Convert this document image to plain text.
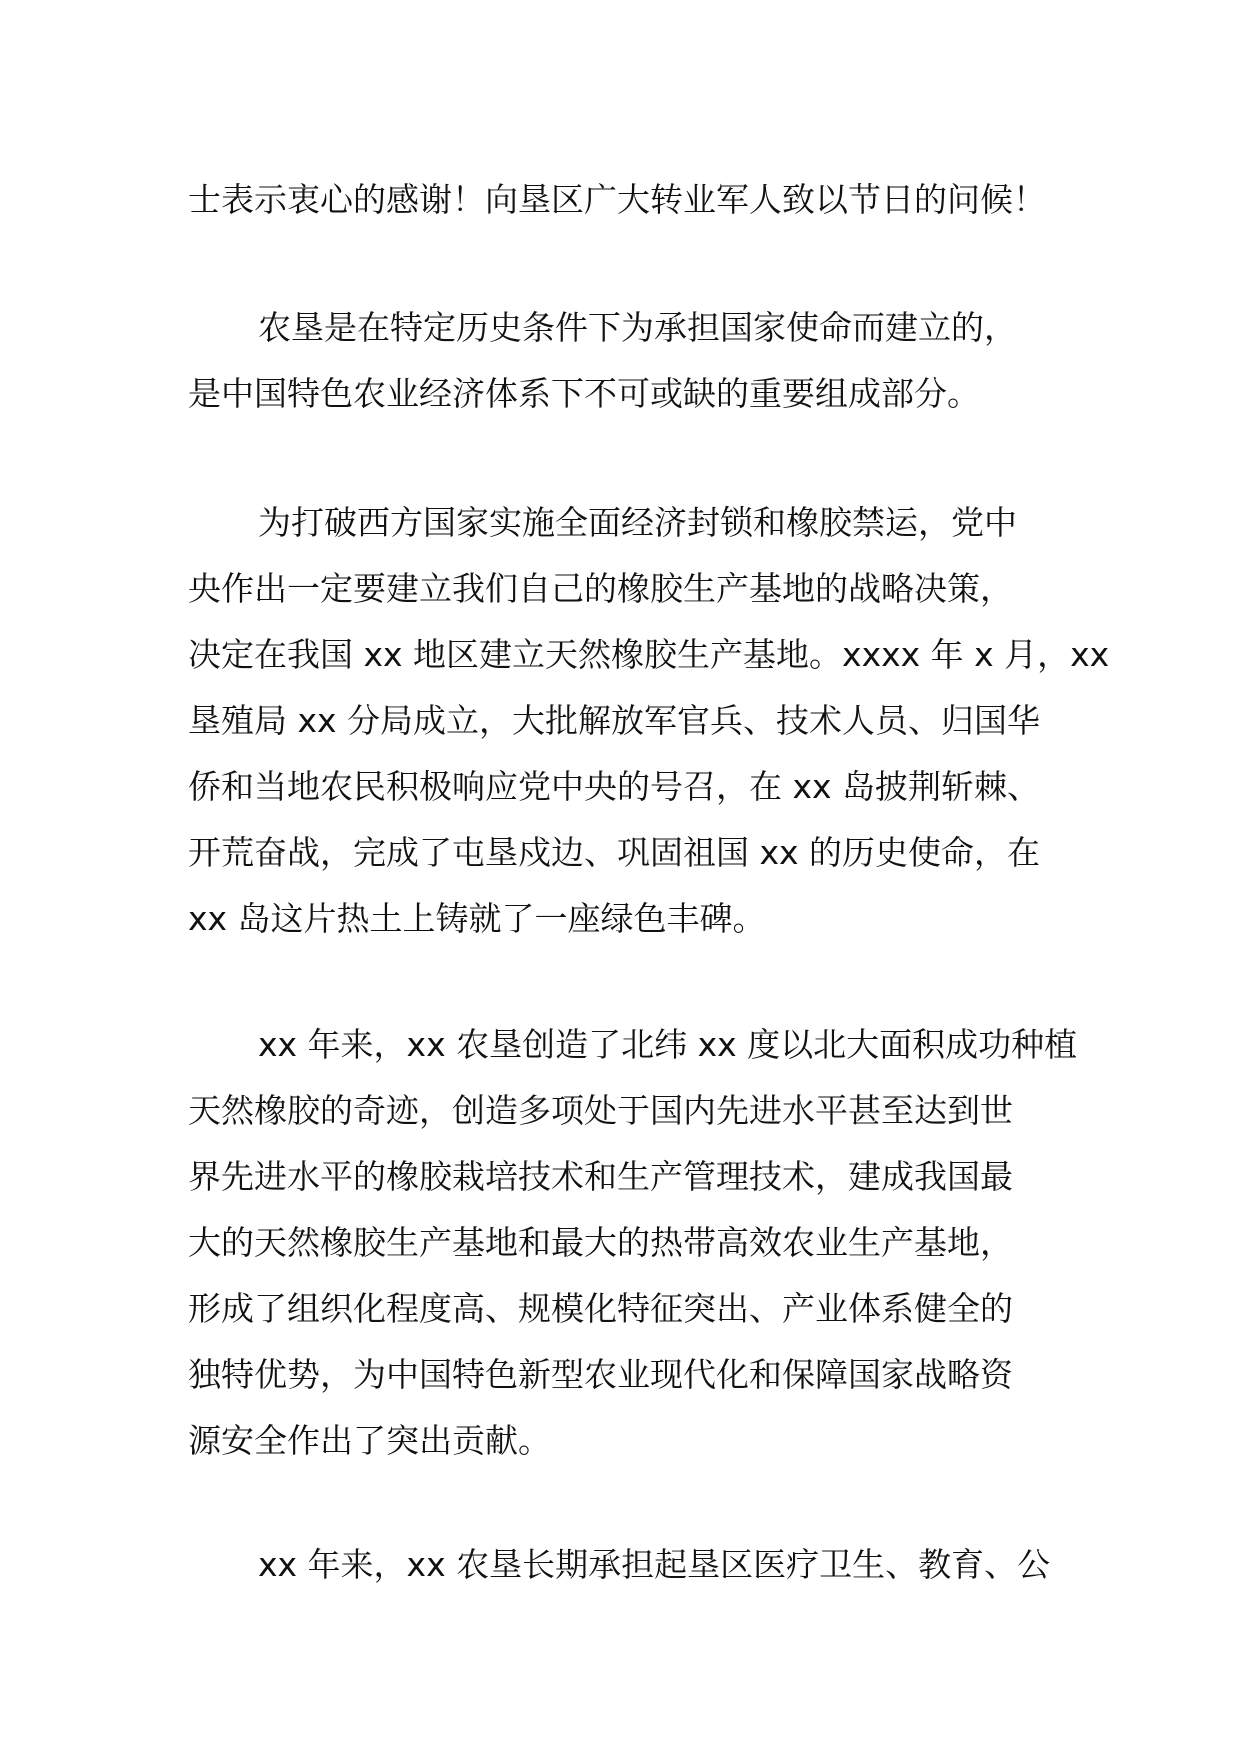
士表示衷心的感谢！向垦区广大转业军人致以节日的问候！
农垦是在特定历史条件下为承担国家使命而建立的，
是中国特色农业经济体系下不可或缺的重要组成部分。
为打破西方国家实施全面经济封锁和橡胶禁运，党中
央作出一定要建立我们自己的橡胶生产基地的战略决策，
决定在我国 xx 地区建立天然橡胶生产基地。xxxx 年 x 月，xx
垦殖局 xx 分局成立，大批解放军官兵、技术人员、归国华
侨和当地农民积极响应党中央的号召，在 xx 岛披荆斩棘、
开荒奋战，完成了屯垦戍边、巩固祖国 xx 的历史使命，在
xx 岛这片热土上铸就了一座绿色丰碑。
xx 年来，xx 农垦创造了北纬 xx 度以北大面积成功种植
天然橡胶的奇迹，创造多项处于国内先进水平甚至达到世
界先进水平的橡胶栽培技术和生产管理技术，建成我国最
大的天然橡胶生产基地和最大的热带高效农业生产基地，
形成了组织化程度高、规模化特征突出、产业体系健全的
独特优势，为中国特色新型农业现代化和保障国家战略资
源安全作出了突出贡献。
xx 年来，xx 农垦长期承担起垦区医疗卫生、教育、公
